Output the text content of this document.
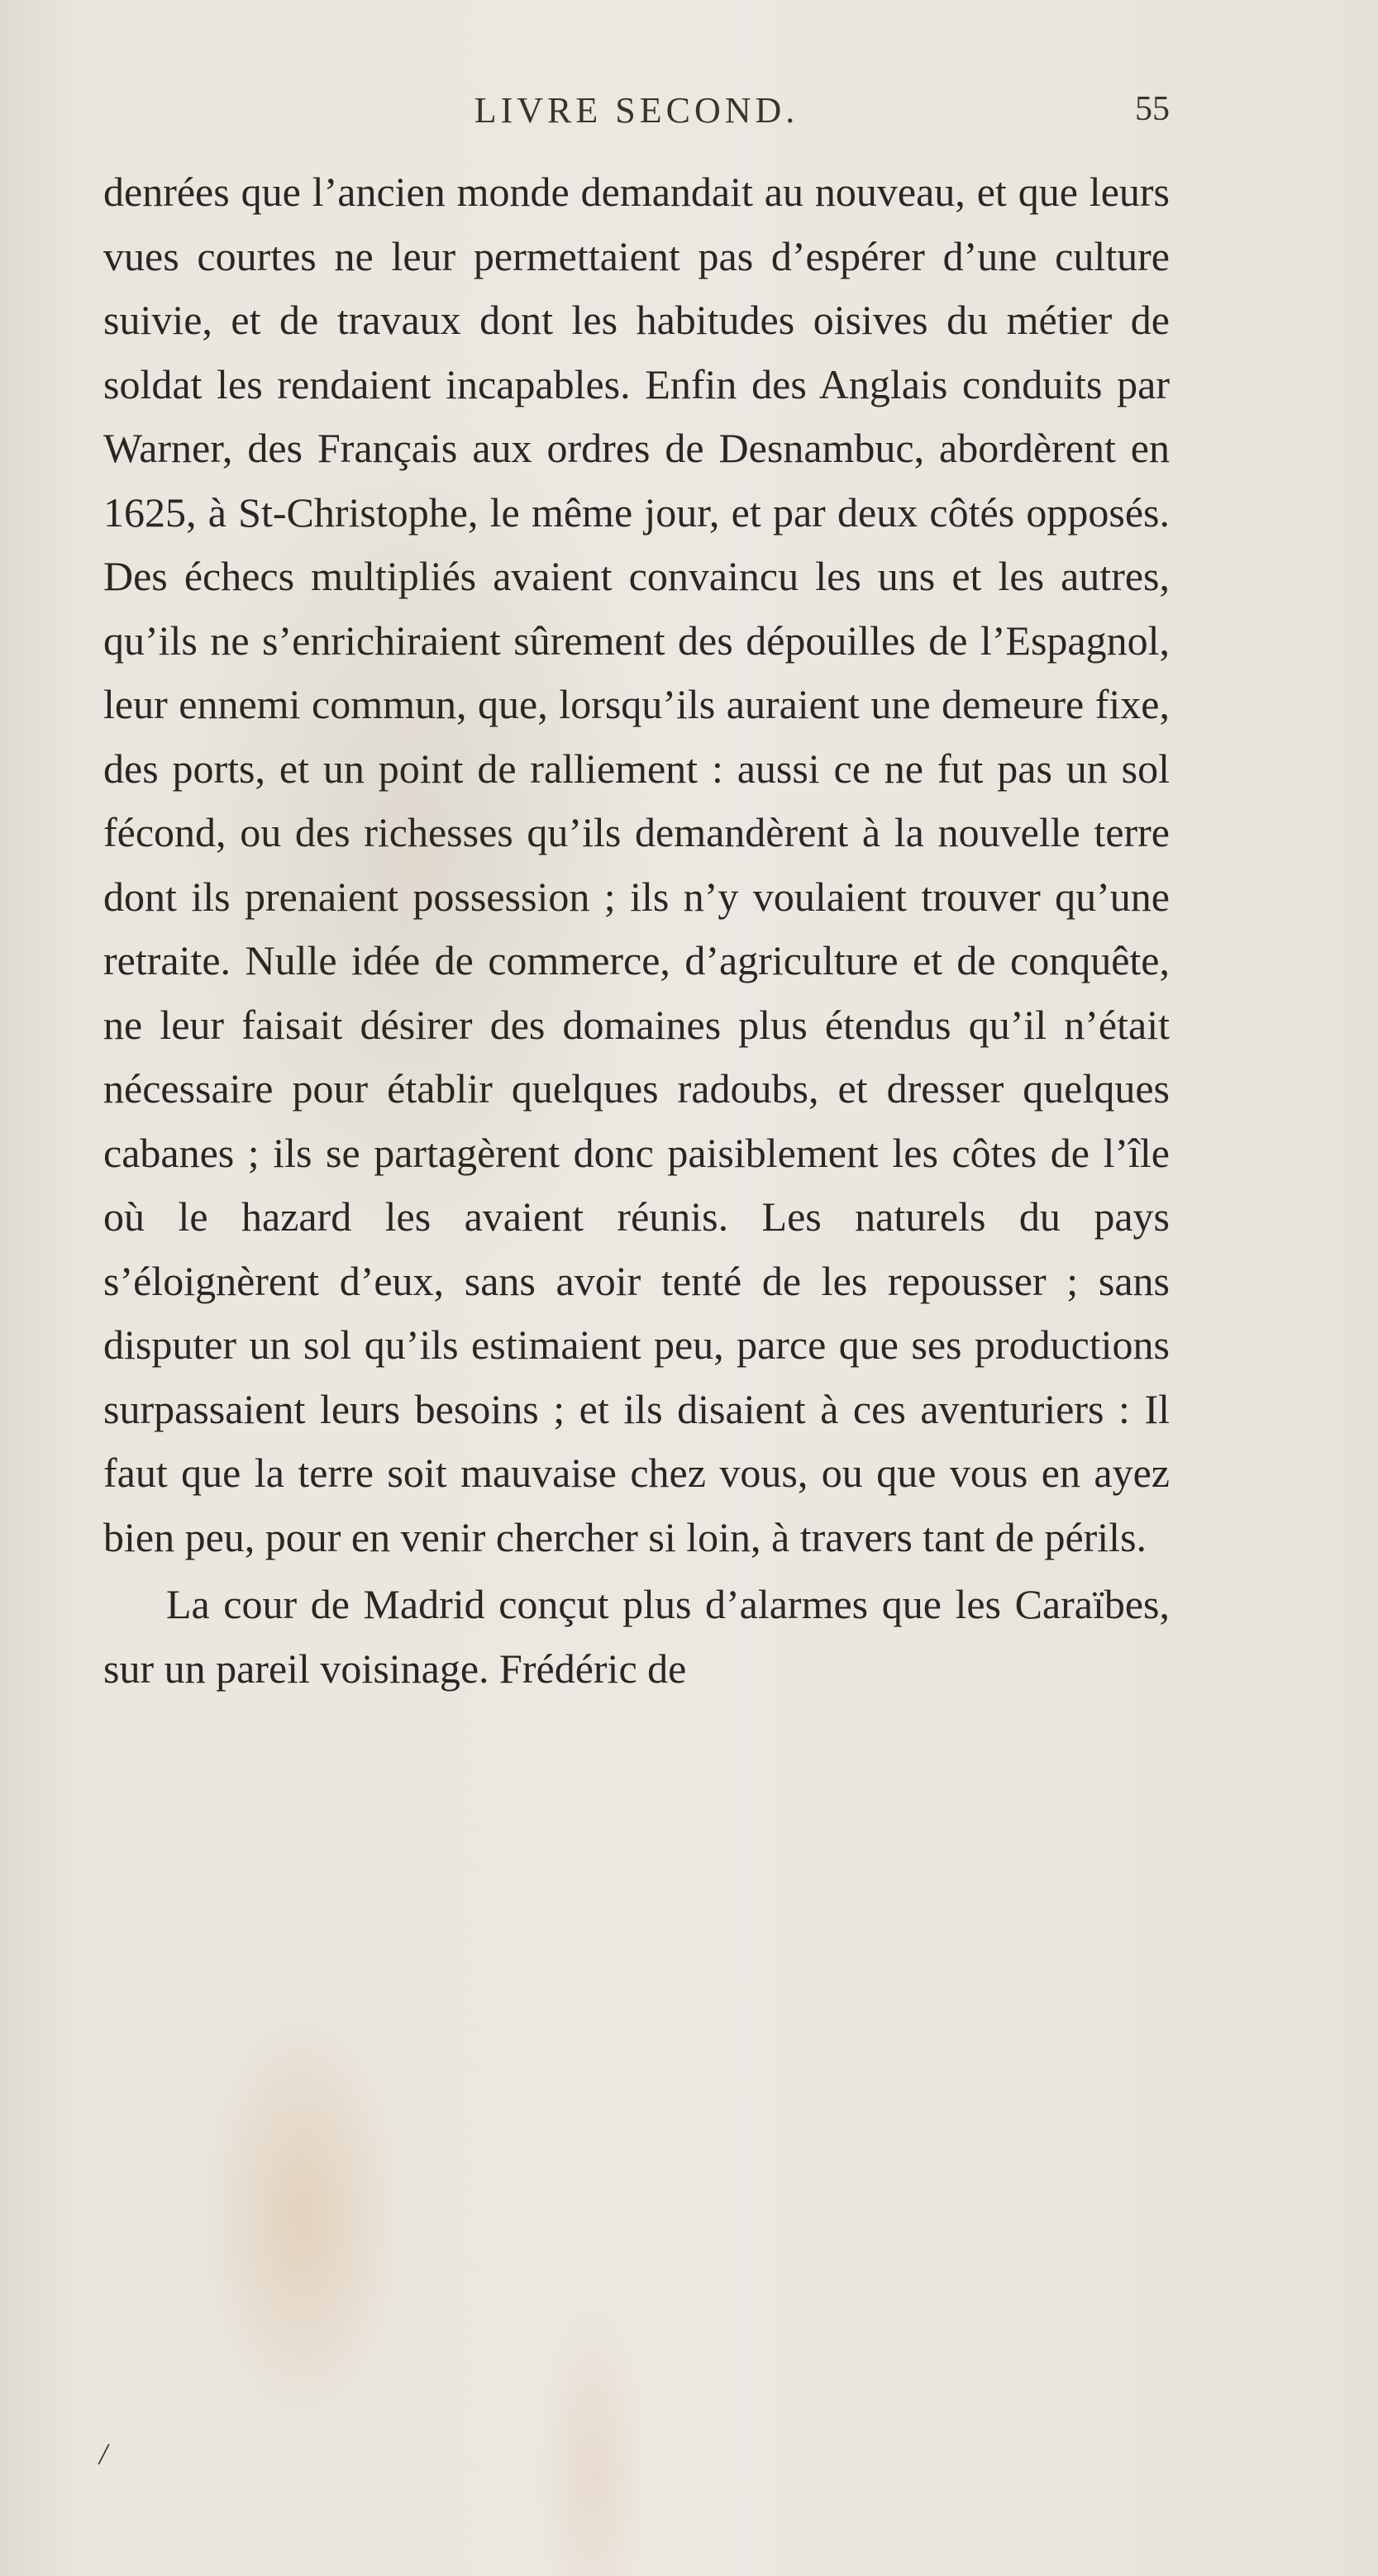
LIVRE SECOND.	55

denrées que l’ancien monde demandait au nouveau, et que leurs vues courtes ne leur permettaient pas d’espérer d’une culture suivie, et de travaux dont les habitudes oisives du métier de soldat les rendaient incapables. Enfin des Anglais conduits par Warner, des Français aux ordres de Desnambuc, abordèrent en 1625, à St-Christophe, le même jour, et par deux côtés opposés. Des échecs multipliés avaient convaincu les uns et les autres, qu’ils ne s’enrichiraient sûrement des dépouilles de l’Espagnol, leur ennemi commun, que, lorsqu’ils auraient une demeure fixe, des ports, et un point de ralliement : aussi ce ne fut pas un sol fécond, ou des richesses qu’ils demandèrent à la nouvelle terre dont ils prenaient possession ; ils n’y voulaient trouver qu’une retraite. Nulle idée de commerce, d’agriculture et de conquête, ne leur faisait désirer des domaines plus étendus qu’il n’était nécessaire pour établir quelques radoubs, et dresser quelques cabanes ; ils se partagèrent donc paisiblement les côtes de l’île où le hazard les avaient réunis. Les naturels du pays s’éloignèrent d’eux, sans avoir tenté de les repousser ; sans disputer un sol qu’ils estimaient peu, parce que ses productions surpassaient leurs besoins ; et ils disaient à ces aventuriers : Il faut que la terre soit mauvaise chez vous, ou que vous en ayez bien peu, pour en venir chercher si loin, à travers tant de périls.

La cour de Madrid conçut plus d’alarmes que les Caraïbes, sur un pareil voisinage. Frédéric de

/
